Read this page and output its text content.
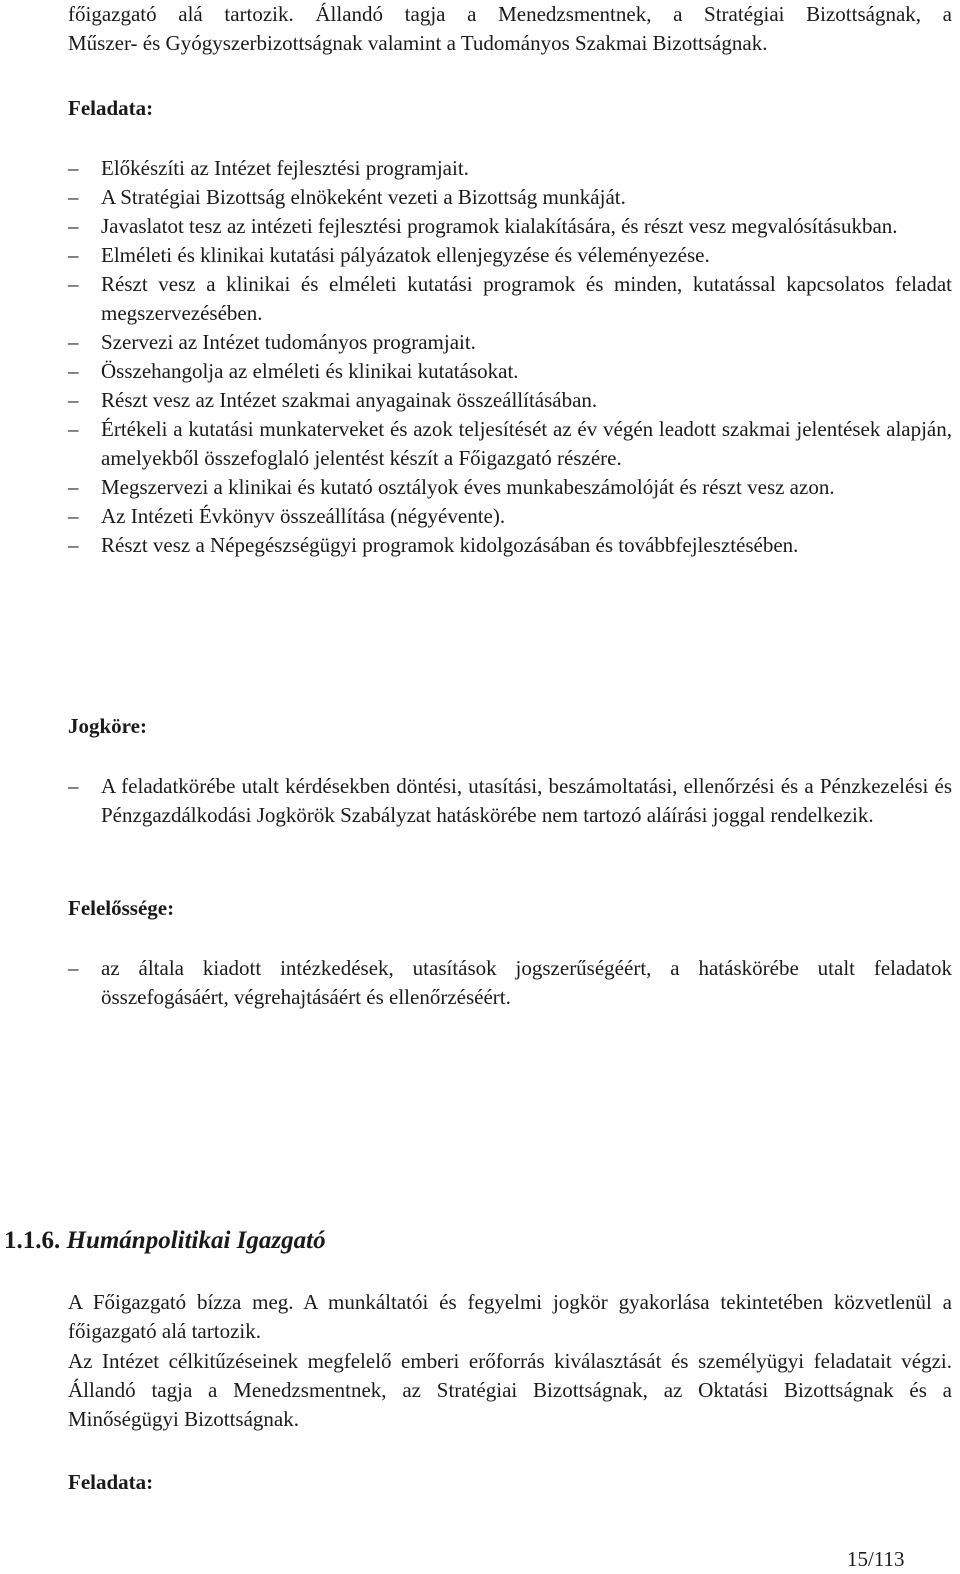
főigazgató alá tartozik. Állandó tagja a Menedzsmentnek, a Stratégiai Bizottságnak, a

Műszer- és Gyógyszerbizottságnak valamint a Tudományos Szakmai Bizottságnak.

Feladata:

– Előkészíti az Intézet fejlesztési programjait.
– A Stratégiai Bizottság elnökeként vezeti a Bizottság munkáját.
– Javaslatot tesz az intézeti fejlesztési programok kialakítására, és részt vesz megvalósításukban.
– Elméleti és klinikai kutatási pályázatok ellenjegyzése és véleményezése.
– Részt vesz a klinikai és elméleti kutatási programok és minden, kutatással kapcsolatos feladat megszervezésében.
– Szervezi az Intézet tudományos programjait.
– Összehangolja az elméleti és klinikai kutatásokat.
– Részt vesz az Intézet szakmai anyagainak összeállításában.
– Értékeli a kutatási munkaterveket és azok teljesítését az év végén leadott szakmai jelentések alapján, amelyekből összefoglaló jelentést készít a Főigazgató részére.
– Megszervezi a klinikai és kutató osztályok éves munkabeszámolóját és részt vesz azon.
– Az Intézeti Évkönyv összeállítása (négyévente).
– Részt vesz a Népegészségügyi programok kidolgozásában és továbbfejlesztésében.

Jogköre:

– A feladatkörébe utalt kérdésekben döntési, utasítási, beszámoltatási, ellenőrzési és a Pénzkezelési és Pénzgazdálkodási Jogkörök Szabályzat hatáskörébe nem tartozó aláírási joggal rendelkezik.

Felelőssége:

– az általa kiadott intézkedések, utasítások jogszerűségéért, a hatáskörébe utalt feladatok összefogásáért, végrehajtásáért és ellenőrzéséért.

1.1.6. Humánpolitikai Igazgató

A Főigazgató bízza meg. A munkáltatói és fegyelmi jogkör gyakorlása tekintetében közvetlenül a főigazgató alá tartozik.

Az Intézet célkitűzéseinek megfelelő emberi erőforrás kiválasztását és személyügyi feladatait végzi. Állandó tagja a Menedzsmentnek, az Stratégiai Bizottságnak, az Oktatási Bizottságnak és a Minőségügyi Bizottságnak.

Feladata:

15/113
